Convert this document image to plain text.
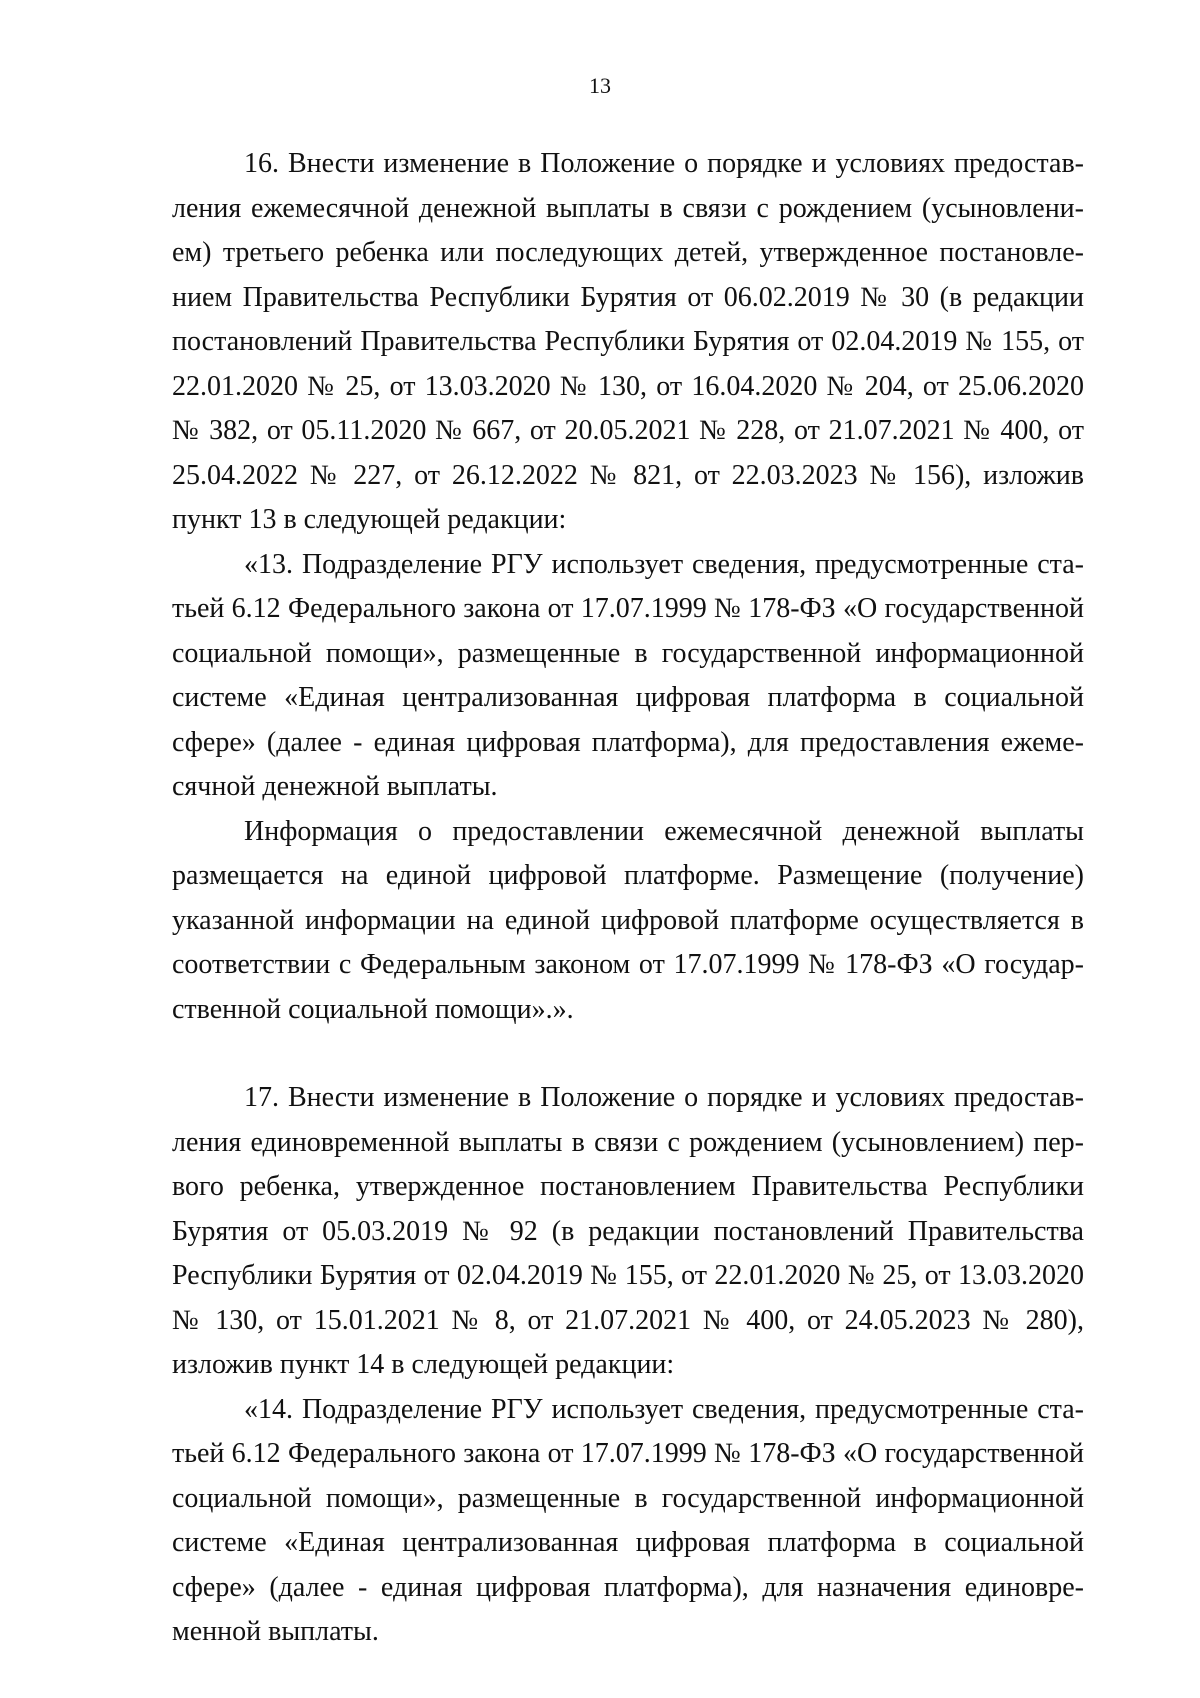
13

16. Внести изменение в Положение о порядке и условиях предоставления ежемесячной денежной выплаты в связи с рождением (усыновлением) третьего ребенка или последующих детей, утвержденное постановлением Правительства Республики Бурятия от 06.02.2019 № 30 (в редакции постановлений Правительства Республики Бурятия от 02.04.2019 № 155, от 22.01.2020 № 25, от 13.03.2020 № 130, от 16.04.2020 № 204, от 25.06.2020 № 382, от 05.11.2020 № 667, от 20.05.2021 № 228, от 21.07.2021 № 400, от 25.04.2022 № 227, от 26.12.2022 № 821, от 22.03.2023 № 156), изложив пункт 13 в следующей редакции:

«13. Подразделение РГУ использует сведения, предусмотренные статьей 6.12 Федерального закона от 17.07.1999 № 178-ФЗ «О государственной социальной помощи», размещенные в государственной информационной системе «Единая централизованная цифровая платформа в социальной сфере» (далее - единая цифровая платформа), для предоставления ежемесячной денежной выплаты.

Информация о предоставлении ежемесячной денежной выплаты размещается на единой цифровой платформе. Размещение (получение) указанной информации на единой цифровой платформе осуществляется в соответствии с Федеральным законом от 17.07.1999 № 178-ФЗ «О государственной социальной помощи».».

17. Внести изменение в Положение о порядке и условиях предоставления единовременной выплаты в связи с рождением (усыновлением) первого ребенка, утвержденное постановлением Правительства Республики Бурятия от 05.03.2019 № 92 (в редакции постановлений Правительства Республики Бурятия от 02.04.2019 № 155, от 22.01.2020 № 25, от 13.03.2020 № 130, от 15.01.2021 № 8, от 21.07.2021 № 400, от 24.05.2023 № 280), изложив пункт 14 в следующей редакции:

«14. Подразделение РГУ использует сведения, предусмотренные статьей 6.12 Федерального закона от 17.07.1999 № 178-ФЗ «О государственной социальной помощи», размещенные в государственной информационной системе «Единая централизованная цифровая платформа в социальной сфере» (далее - единая цифровая платформа), для назначения единовременной выплаты.
